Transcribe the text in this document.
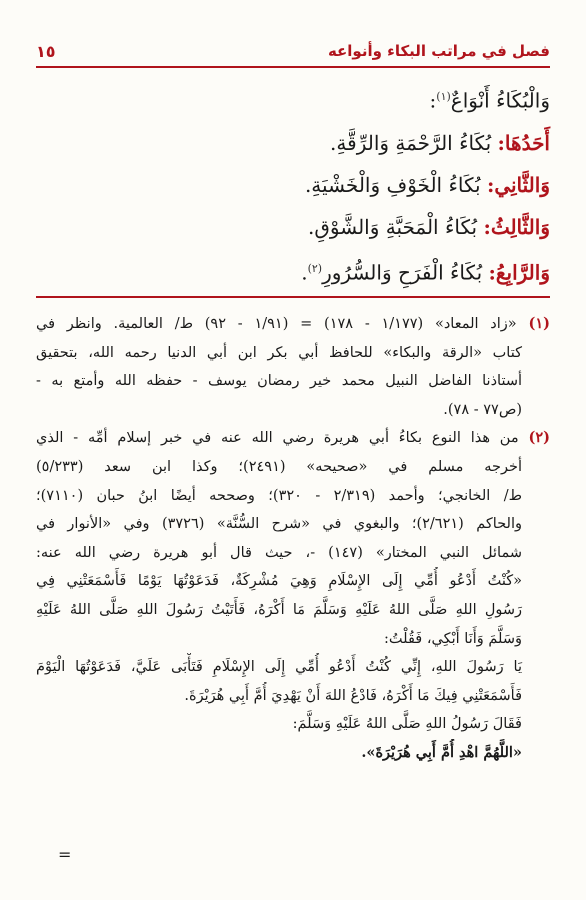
فصل في مراتب البكاء وأنواعه
١٥
وَالْبُكَاءُ أَنْوَاعٌ$^{(١)}$:
أَحَدُهَا: بُكَاءُ الرَّحْمَةِ وَالرِّقَّةِ.
وَالثَّانِي: بُكَاءُ الْخَوْفِ وَالْخَشْيَةِ.
وَالثَّالِثُ: بُكَاءُ الْمَحَبَّةِ وَالشَّوْقِ.
وَالرَّابِعُ: بُكَاءُ الْفَرَحِ وَالسُّرُورِ$^{(٢)}$.
(١) «زاد المعاد» (١/١٧٧ - ١٧٨) = (١/٩١ - ٩٢) ط/ العالمية. وانظر في
كتاب «الرقة والبكاء» للحافظ أبي بكر ابن أبي الدنيا رحمه الله، بتحقيق
أستاذنا الفاضل النبيل محمد خير رمضان يوسف - حفظه الله وأمتع به -
(ص٧٧ - ٧٨).
(٢) من هذا النوع بكاءُ أبي هريرة رضي الله عنه في خبر إسلام أمِّه - الذي
أخرجه مسلم في «صحيحه» (٢٤٩١)؛ وكذا ابن سعد (٥/٢٣٣)
ط/ الخانجي؛ وأحمد (٢/٣١٩ - ٣٢٠)؛ وصححه أيضًا ابنُ حبان (٧١١٠)؛
والحاكم (٢/٦٢١)؛ والبغوي في «شرح السُّنَّة» (٣٧٢٦) وفي «الأنوار في
شمائل النبي المختار» (١٤٧) -، حيث قال أبو هريرة رضي الله عنه:
«كُنْتُ أَدْعُو أُمِّي إِلَى الإِسْلَامِ وَهِيَ مُشْرِكَةٌ، فَدَعَوْتُهَا يَوْمًا فَأَسْمَعَتْنِي فِي
رَسُولِ اللهِ صَلَّى اللهُ عَلَيْهِ وَسَلَّمَ مَا أَكْرَهُ، فَأَتَيْتُ رَسُولَ اللهِ صَلَّى اللهُ عَلَيْهِ
وَسَلَّمَ وَأَنَا أَبْكِي، فَقُلْتُ:
يَا رَسُولَ اللهِ، إِنِّي كُنْتُ أَدْعُو أُمِّي إِلَى الإِسْلَامِ فَتَأْبَى عَلَيَّ، فَدَعَوْتُهَا الْيَوْمَ
فَأَسْمَعَتْنِي فِيكَ مَا أَكْرَهُ، فَادْعُ اللهَ أَنْ يَهْدِيَ أُمَّ أَبِي هُرَيْرَةَ.
فَقَالَ رَسُولُ اللهِ صَلَّى اللهُ عَلَيْهِ وَسَلَّمَ:
«اللَّهُمَّ اهْدِ أُمَّ أَبِي هُرَيْرَةَ».
=
